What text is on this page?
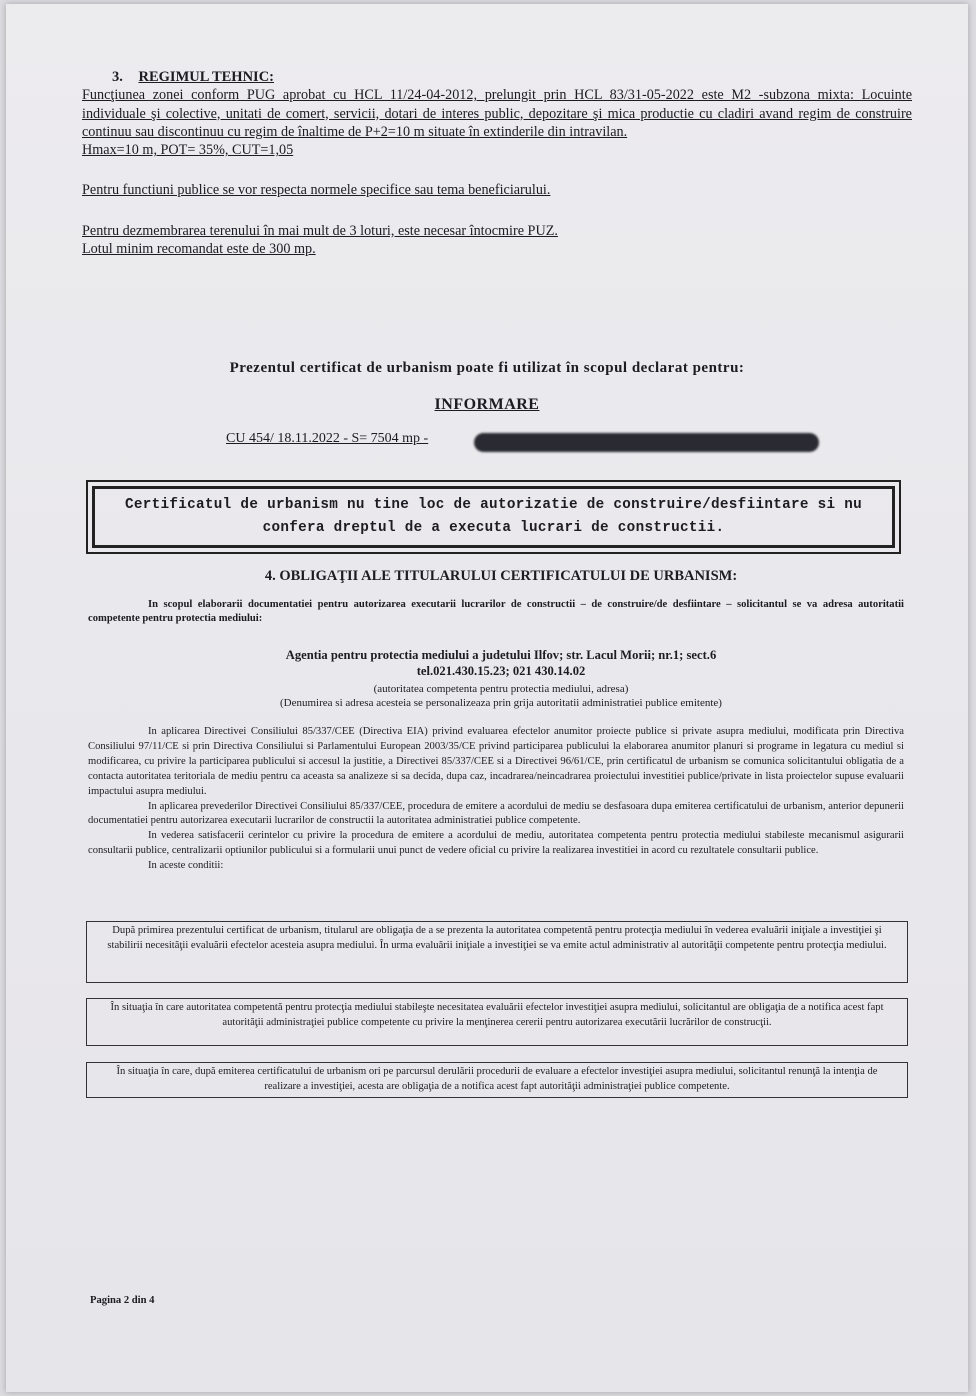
3. REGIMUL TEHNIC:

Funcţiunea zonei conform PUG aprobat cu HCL 11/24-04-2012, prelungit prin HCL 83/31-05-2022 este M2 -subzona mixta: Locuinte individuale şi colective, unitati de comert, servicii, dotari de interes public, depozitare şi mica productie cu cladiri avand regim de construire continuu sau discontinuu cu regim de înaltime de P+2=10 m situate în extinderile din intravilan.

Hmax=10 m, POT= 35%, CUT=1,05

Pentru functiuni publice se vor respecta normele specifice sau tema beneficiarului.

Pentru dezmembrarea terenului în mai mult de 3 loturi, este necesar întocmire PUZ.

Lotul minim recomandat este de 300 mp.

Prezentul certificat de urbanism poate fi utilizat în scopul declarat pentru:
INFORMARE
CU 454/ 18.11.2022 - S= 7504 mp -
Certificatul de urbanism nu tine loc de autorizatie de construire/desfiintare si nu confera dreptul de a executa lucrari de constructii.
4. OBLIGAŢII ALE TITULARULUI CERTIFICATULUI DE URBANISM:
In scopul elaborarii documentatiei pentru autorizarea executarii lucrarilor de constructii – de construire/de desfiintare – solicitantul se va adresa autoritatii competente pentru protectia mediului:
Agentia pentru protectia mediului a judetului Ilfov; str. Lacul Morii; nr.1; sect.6
tel.021.430.15.23; 021 430.14.02
(autoritatea competenta pentru protectia mediului, adresa)
(Denumirea si adresa acesteia se personalizeaza prin grija autoritatii administratiei publice emitente)

In aplicarea Directivei Consiliului 85/337/CEE (Directiva EIA) privind evaluarea efectelor anumitor proiecte publice si private asupra mediului, modificata prin Directiva Consiliului 97/11/CE si prin Directiva Consiliului si Parlamentului European 2003/35/CE privind participarea publicului la elaborarea anumitor planuri si programe in legatura cu mediul si modificarea, cu privire la participarea publicului si accesul la justitie, a Directivei 85/337/CEE si a Directivei 96/61/CE, prin certificatul de urbanism se comunica solicitantului obligatia de a contacta autoritatea teritoriala de mediu pentru ca aceasta sa analizeze si sa decida, dupa caz, incadrarea/neincadrarea proiectului investitiei publice/private in lista proiectelor supuse evaluarii impactului asupra mediului.

In aplicarea prevederilor Directivei Consiliului 85/337/CEE, procedura de emitere a acordului de mediu se desfasoara dupa emiterea certificatului de urbanism, anterior depunerii documentatiei pentru autorizarea executarii lucrarilor de constructii la autoritatea administratiei publice competente.

In vederea satisfacerii cerintelor cu privire la procedura de emitere a acordului de mediu, autoritatea competenta pentru protectia mediului stabileste mecanismul asigurarii consultarii publice, centralizarii optiunilor publicului si a formularii unui punct de vedere oficial cu privire la realizarea investitiei in acord cu rezultatele consultarii publice.

In aceste conditii:

După primirea prezentului certificat de urbanism, titularul are obligaţia de a se prezenta la autoritatea competentă pentru protecţia mediului în vederea evaluării iniţiale a investiţiei şi stabilirii necesităţii evaluării efectelor acesteia asupra mediului. În urma evaluării iniţiale a investiţiei se va emite actul administrativ al autorităţii competente pentru protecţia mediului.
În situaţia în care autoritatea competentă pentru protecţia mediului stabileşte necesitatea evaluării efectelor investiţiei asupra mediului, solicitantul are obligaţia de a notifica acest fapt autorităţii administraţiei publice competente cu privire la menţinerea cererii pentru autorizarea executării lucrărilor de construcţii.
În situaţia în care, după emiterea certificatului de urbanism ori pe parcursul derulării procedurii de evaluare a efectelor investiţiei asupra mediului, solicitantul renunţă la intenţia de realizare a investiţiei, acesta are obligaţia de a notifica acest fapt autorităţii administraţiei publice competente.
Pagina 2 din 4
